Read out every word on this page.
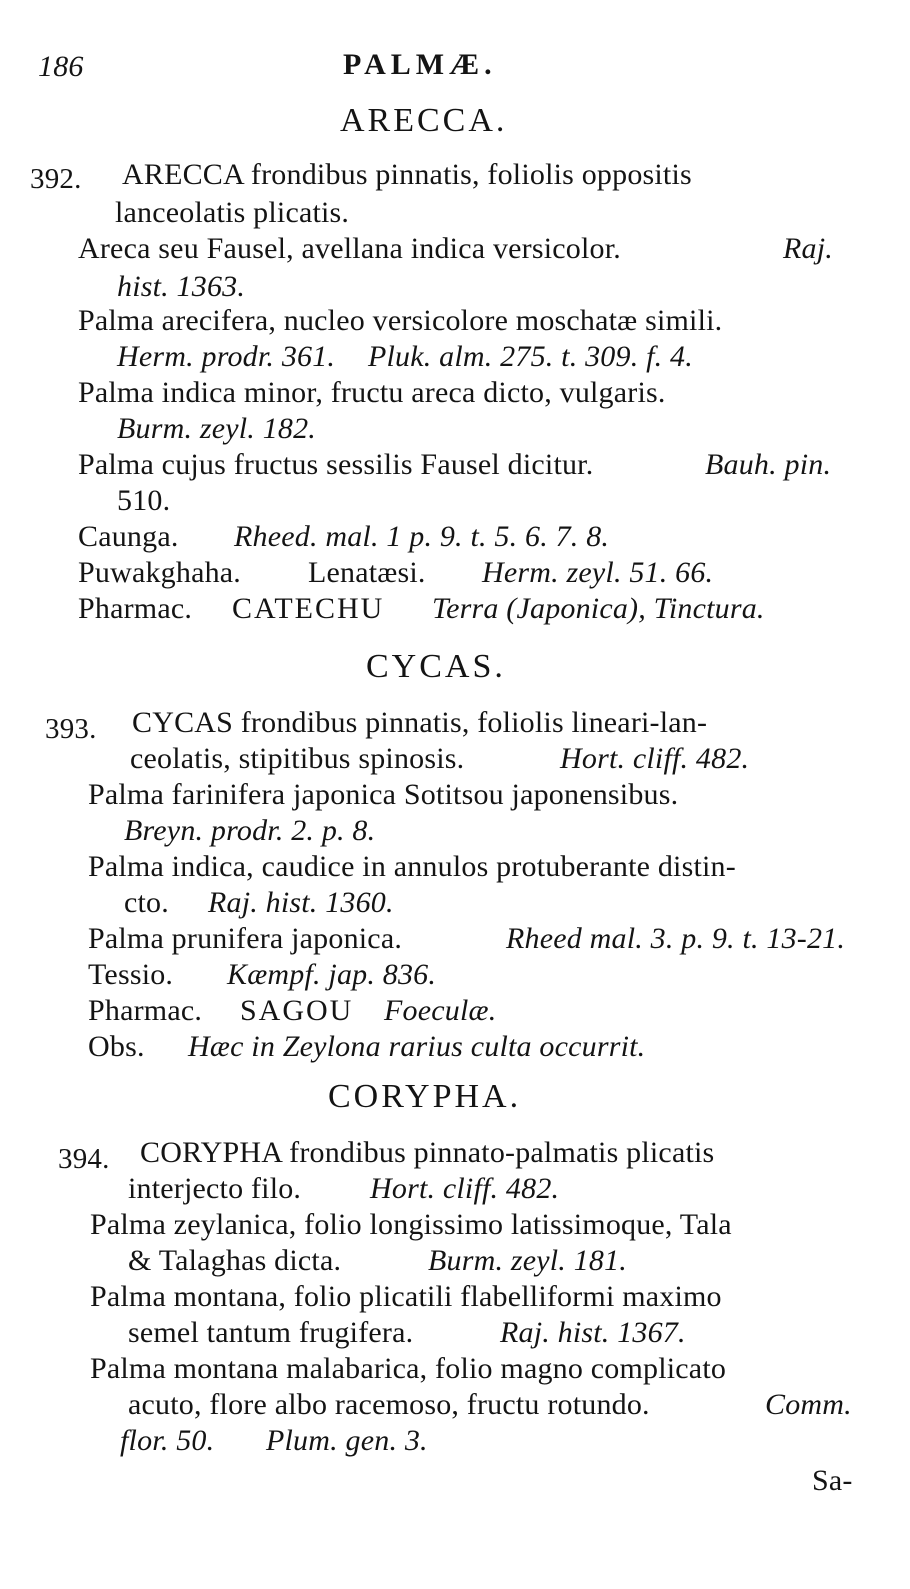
186	PALMÆ.
ARECCA.
392. ARECCA frondibus pinnatis, foliolis oppositis
lanceolatis plicatis.
Areca seu Fausel, avellana indica versicolor.	Raj.
hist. 1363.
Palma arecifera, nucleo versicolore moschatæ simili.
Herm. prodr. 361. Pluk. alm. 275. t. 309. f. 4.
Palma indica minor, fructu areca dicto, vulgaris.
Burm. zeyl. 182.
Palma cujus fructus sessilis Fausel dicitur.	Bauh. pin.
510.
Caunga. Rheed. mal. 1 p. 9. t. 5. 6. 7. 8.
Puwakghaha. Lenatæsi. Herm. zeyl. 51. 66.
Pharmac. CATECHU Terra (Japonica), Tinctura.
CYCAS.
393. CYCAS frondibus pinnatis, foliolis lineari-lan-
ceolatis, stipitibus spinosis.	Hort. cliff. 482.
Palma farinifera japonica Sotitsou japonensibus.
Breyn. prodr. 2. p. 8.
Palma indica, caudice in annulos protuberante distin-
cto. Raj. hist. 1360.
Palma prunifera japonica.	Rheed mal. 3. p. 9. t. 13-21.
Tessio. Kæmpf. jap. 836.
Pharmac. SAGOU Foeculæ.
Obs. Hæc in Zeylona rarius culta occurrit.
CORYPHA.
394. CORYPHA frondibus pinnato-palmatis plicatis
interjecto filo. Hort. cliff. 482.
Palma zeylanica, folio longissimo latissimoque, Tala
& Talaghas dicta.	Burm. zeyl. 181.
Palma montana, folio plicatili flabelliformi maximo
semel tantum frugifera.	Raj. hist. 1367.
Palma montana malabarica, folio magno complicato
acuto, flore albo racemoso, fructu rotundo.	Comm.
flor. 50. Plum. gen. 3.
Sa-
